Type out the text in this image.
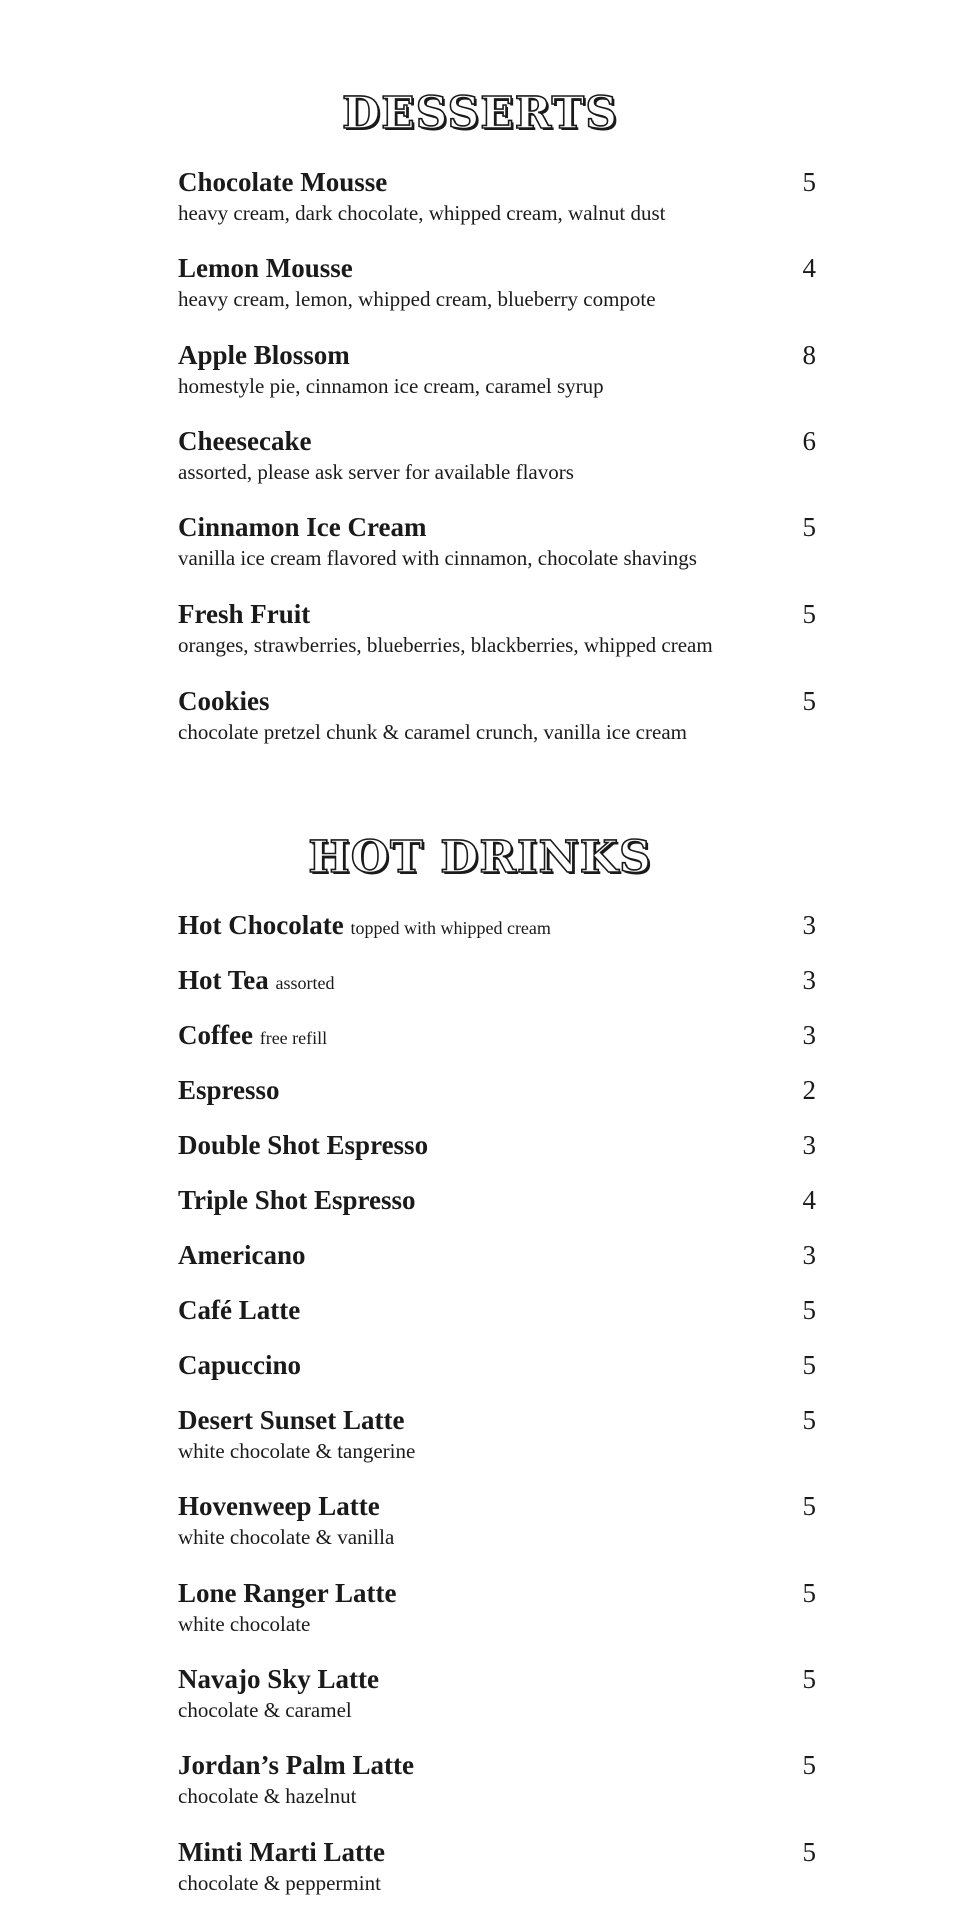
DESSERTS
Chocolate Mousse
heavy cream, dark chocolate, whipped cream, walnut dust
5
Lemon Mousse
heavy cream, lemon, whipped cream, blueberry compote
4
Apple Blossom
homestyle pie, cinnamon ice cream, caramel syrup
8
Cheesecake
assorted, please ask server for available flavors
6
Cinnamon Ice Cream
vanilla ice cream flavored with cinnamon, chocolate shavings
5
Fresh Fruit
oranges, strawberries, blueberries, blackberries, whipped cream
5
Cookies
chocolate pretzel chunk & caramel crunch, vanilla ice cream
5
HOT DRINKS
Hot Chocolate topped with whipped cream	3
Hot Tea assorted	3
Coffee free refill	3
Espresso	2
Double Shot Espresso	3
Triple Shot Espresso	4
Americano	3
Café Latte	5
Capuccino	5
Desert Sunset Latte
white chocolate & tangerine
5
Hovenweep Latte
white chocolate & vanilla
5
Lone Ranger Latte
white chocolate
5
Navajo Sky Latte
chocolate & caramel
5
Jordan’s Palm Latte
chocolate & hazelnut
5
Minti Marti Latte
chocolate & peppermint
5
